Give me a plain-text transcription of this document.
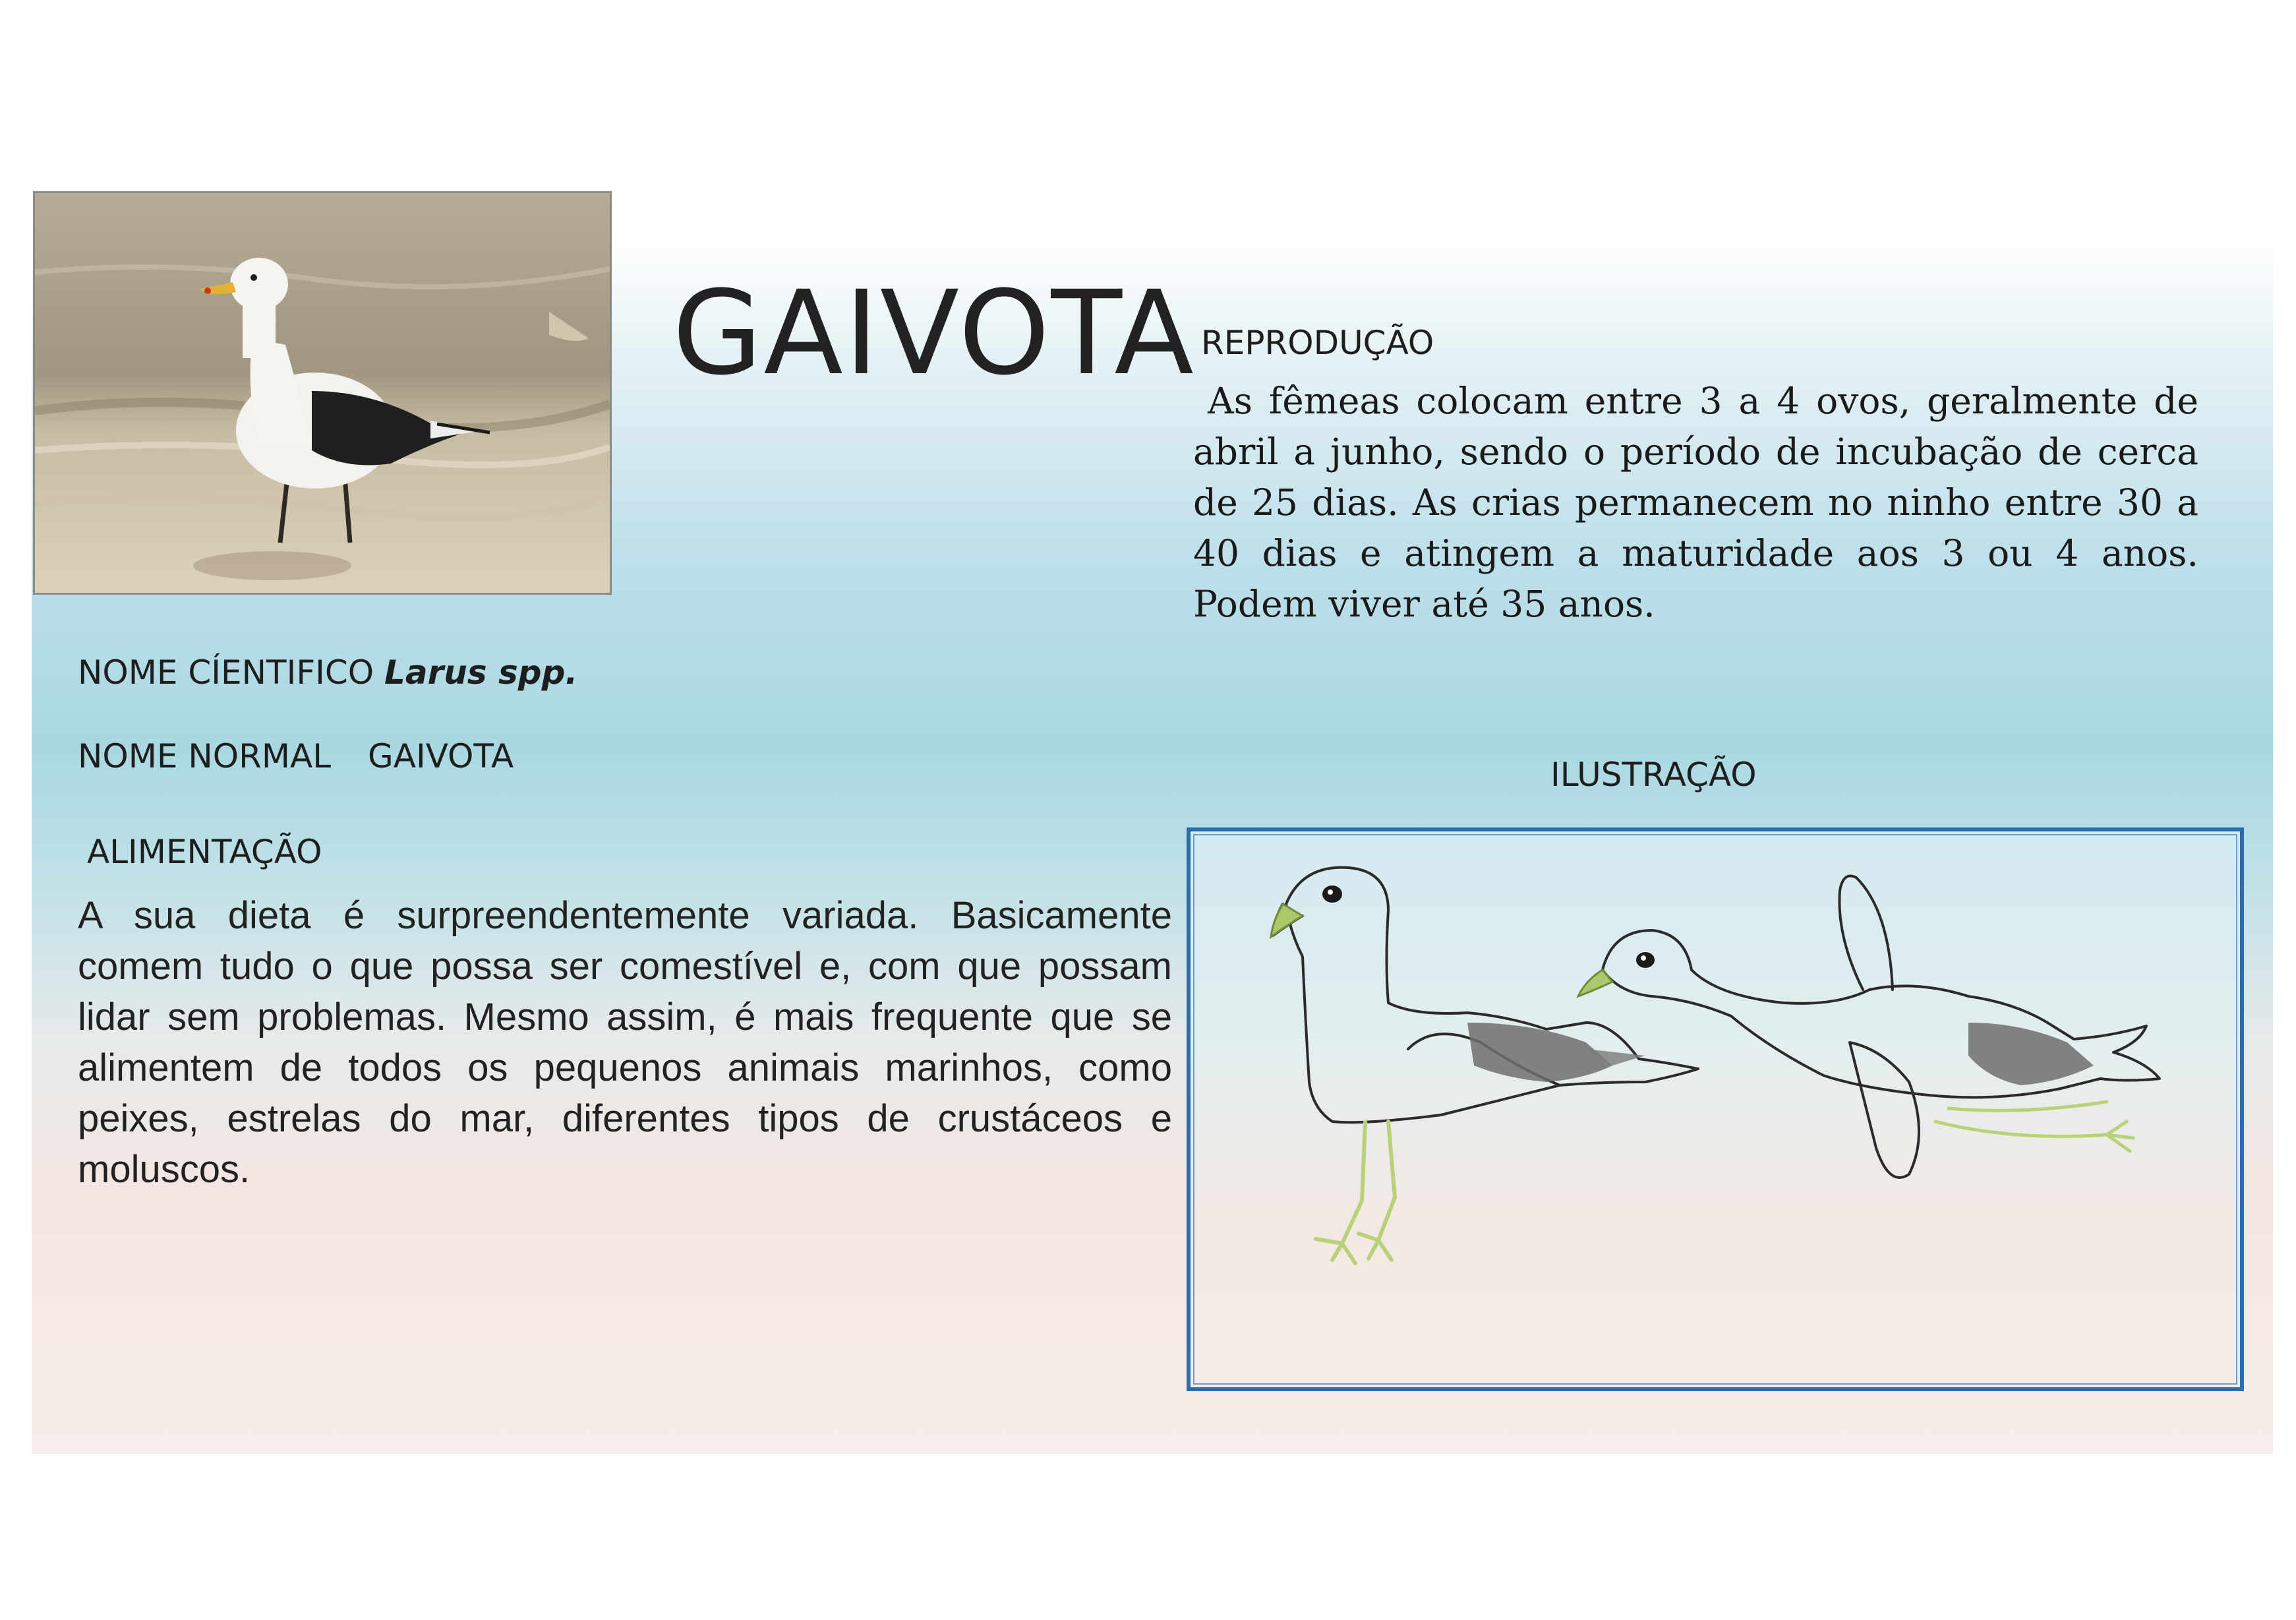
GAIVOTA
NOME CÍENTIFICO Larus spp.
NOME NORMAL GAIVOTA
ALIMENTAÇÃO

A sua dieta é surpreendentemente variada. Basicamente comem tudo o que possa ser comestível e, com que possam lidar sem problemas. Mesmo assim, é mais frequente que se alimentem de todos os pequenos animais marinhos, como peixes, estrelas do mar, diferentes tipos de crustáceos e moluscos.

REPRODUÇÃO

As fêmeas colocam entre 3 a 4 ovos, geralmente de abril a junho, sendo o período de incubação de cerca de 25 dias. As crias permanecem no ninho entre 30 a 40 dias e atingem a maturidade aos 3 ou 4 anos. Podem viver até 35 anos.

ILUSTRAÇÃO
